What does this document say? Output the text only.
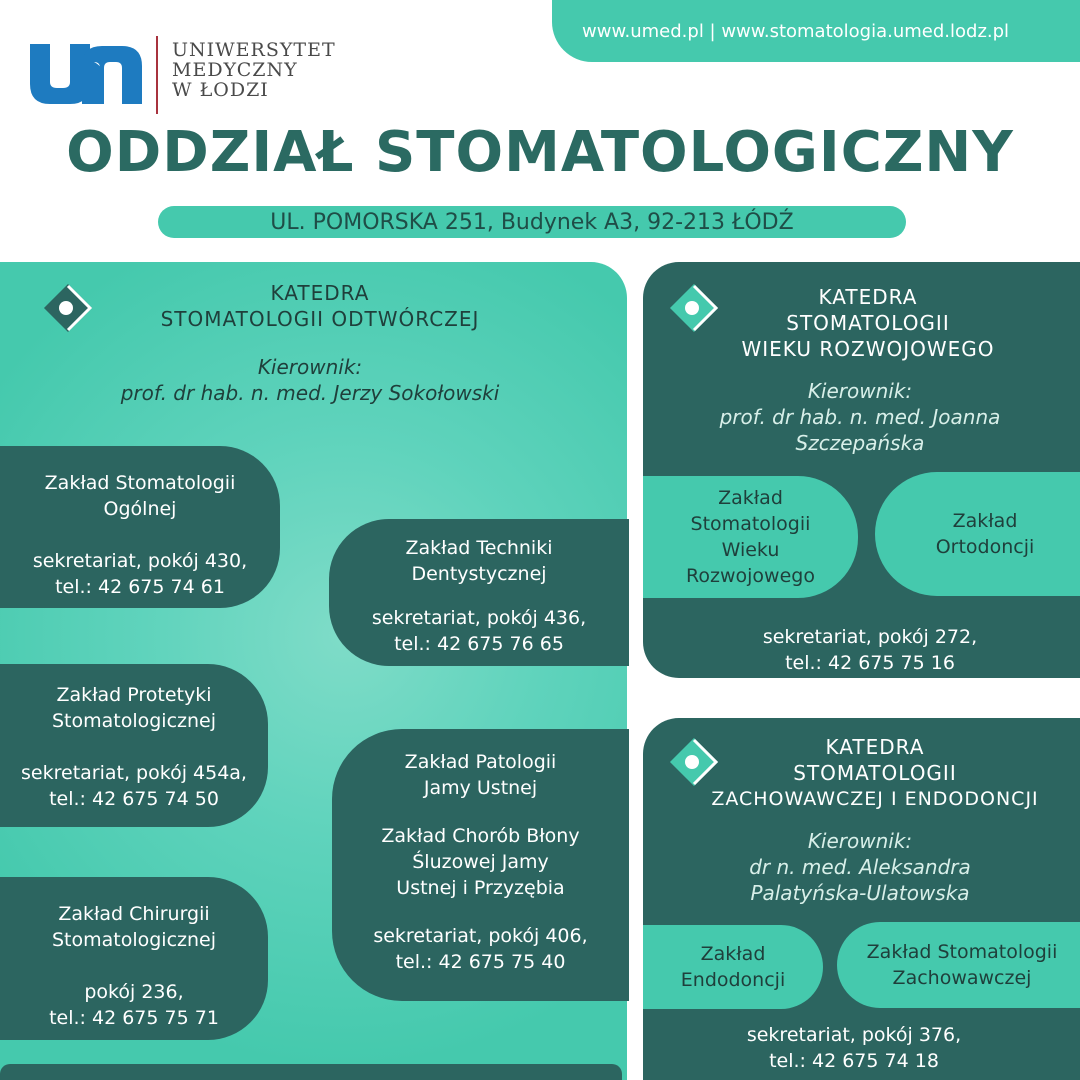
www.umed.pl | www.stomatologia.umed.lodz.pl
UNIWERSYTET
MEDYCZNY
W ŁODZI
ODDZIAŁ STOMATOLOGICZNY
UL. POMORSKA 251, Budynek A3, 92-213 ŁÓDŹ
KATEDRA
STOMATOLOGII ODTWÓRCZEJ
Kierownik:
prof. dr hab. n. med. Jerzy Sokołowski
Zakład Stomatologii
Ogólnej
sekretariat, pokój 430,
tel.: 42 675 74 61
Zakład Techniki
Dentystycznej
sekretariat, pokój 436,
tel.: 42 675 76 65
Zakład Protetyki
Stomatologicznej
sekretariat, pokój 454a,
tel.: 42 675 74 50
Zakład Patologii
Jamy Ustnej
Zakład Chorób Błony
Śluzowej Jamy
Ustnej i Przyzębia
sekretariat, pokój 406,
tel.: 42 675 75 40
Zakład Chirurgii
Stomatologicznej
pokój 236,
tel.: 42 675 75 71
KATEDRA
STOMATOLOGII
WIEKU ROZWOJOWEGO
Kierownik:
prof. dr hab. n. med. Joanna
Szczepańska
Zakład
Stomatologii
Wieku
Rozwojowego
Zakład
Ortodoncji
sekretariat, pokój 272,
tel.: 42 675 75 16
KATEDRA
STOMATOLOGII
ZACHOWAWCZEJ I ENDODONCJI
Kierownik:
dr n. med. Aleksandra
Palatyńska-Ulatowska
Zakład
Endodoncji
Zakład Stomatologii
Zachowawczej
sekretariat, pokój 376,
tel.: 42 675 74 18
